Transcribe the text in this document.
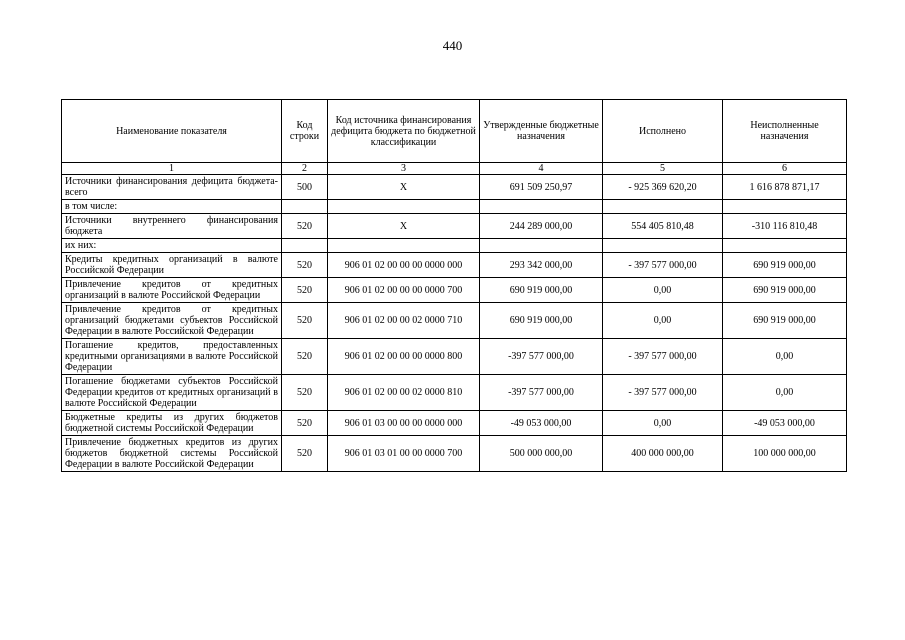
440
Наименование показателя	Код строки	Код источника финансирования дефицита бюджета по бюджетной классификации	Утвержденные бюджетные назначения	Исполнено	Неисполненные назначения
1	2	3	4	5	6
Источники финансирования дефицита бюджета- всего	500	X	691 509 250,97	- 925 369 620,20	1 616 878 871,17
в том числе:					
Источники внутреннего финансирования бюджета	520	X	244 289 000,00	554 405 810,48	-310 116 810,48
их них:					
Кредиты кредитных организаций в валюте Российской Федерации	520	906 01 02 00 00 00 0000 000	293 342 000,00	- 397 577 000,00	690 919 000,00
Привлечение кредитов от кредитных организаций в валюте Российской Федерации	520	906 01 02 00 00 00 0000 700	690 919 000,00	0,00	690 919 000,00
Привлечение кредитов от кредитных организаций бюджетами субъектов Российской Федерации в валюте Российской Федерации	520	906 01 02 00 00 02 0000 710	690 919 000,00	0,00	690 919 000,00
Погашение кредитов, предоставленных кредитными организациями в валюте Российской Федерации	520	906 01 02 00 00 00 0000 800	-397 577 000,00	- 397 577 000,00	0,00
Погашение бюджетами субъектов Российской Федерации кредитов от кредитных организаций в валюте Российской Федерации	520	906 01 02 00 00 02 0000 810	-397 577 000,00	- 397 577 000,00	0,00
Бюджетные кредиты из других бюджетов бюджетной системы Российской Федерации	520	906 01 03 00 00 00 0000 000	-49 053 000,00	0,00	-49 053 000,00
Привлечение бюджетных кредитов из других бюджетов бюджетной системы Российской Федерации в валюте Российской Федерации	520	906 01 03 01 00 00 0000 700	500 000 000,00	400 000 000,00	100 000 000,00
